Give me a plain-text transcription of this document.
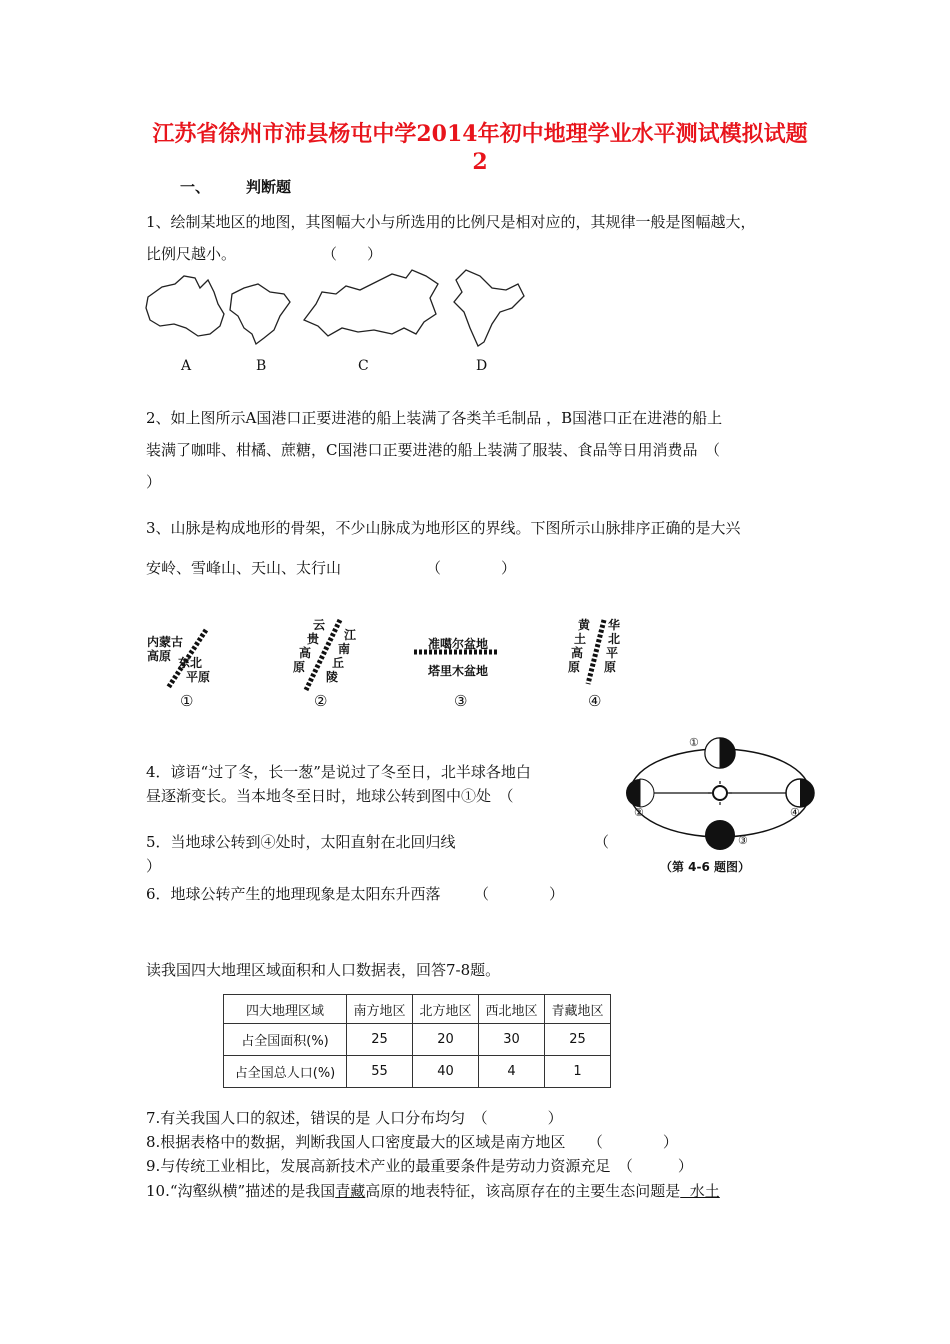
江苏省徐州市沛县杨屯中学2014年初中地理学业水平测试模拟试题
2
一、 判断题
1、绘制某地区的地图，其图幅大小与所选用的比例尺是相对应的，其规律一般是图幅越大，
比例尺越小。	（　　）
A	B	C	D
2、如上图所示A国港口正要进港的船上装满了各类羊毛制品 ，B国港口正在进港的船上
装满了咖啡、柑橘、蔗糖，C国港口正要进港的船上装满了服装、食品等日用消费品　（
）
3、山脉是构成地形的骨架，不少山脉成为地形区的界线。下图所示山脉排序正确的是大兴
安岭、雪峰山、天山、太行山	（　　　　）
内蒙古
高原 东北
平原
①
云
贵
高
原
江
南
丘
陵
②
准噶尔盆地
塔里木盆地
③
黄
土
高
原
华
北
平
原
④
4．谚语“过了冬，长一葱”是说过了冬至日，北半球各地白
昼逐渐变长。当本地冬至日时，地球公转到图中①处　（
5．当地球公转到④处时，太阳直射在北回归线	（
）
6．地球公转产生的地理现象是太阳东升西落 （　　　　）
①
②
③
④
（第 4-6 题图）
读我国四大地理区域面积和人口数据表，回答7-8题。
四大地理区域	南方地区	北方地区	西北地区	青藏地区
占全国面积(%)	25	20	30	25
占全国总人口(%)	55	40	4	1
7.有关我国人口的叙述，错误的是 人口分布均匀　（　　　　）
8.根据表格中的数据，判断我国人口密度最大的区域是南方地区　　（　　　　）
9.与传统工业相比，发展高新技术产业的最重要条件是劳动力资源充足　（　　　）
10.“沟壑纵横”描述的是我国青藏高原的地表特征，该高原存在的主要生态问题是  水土
